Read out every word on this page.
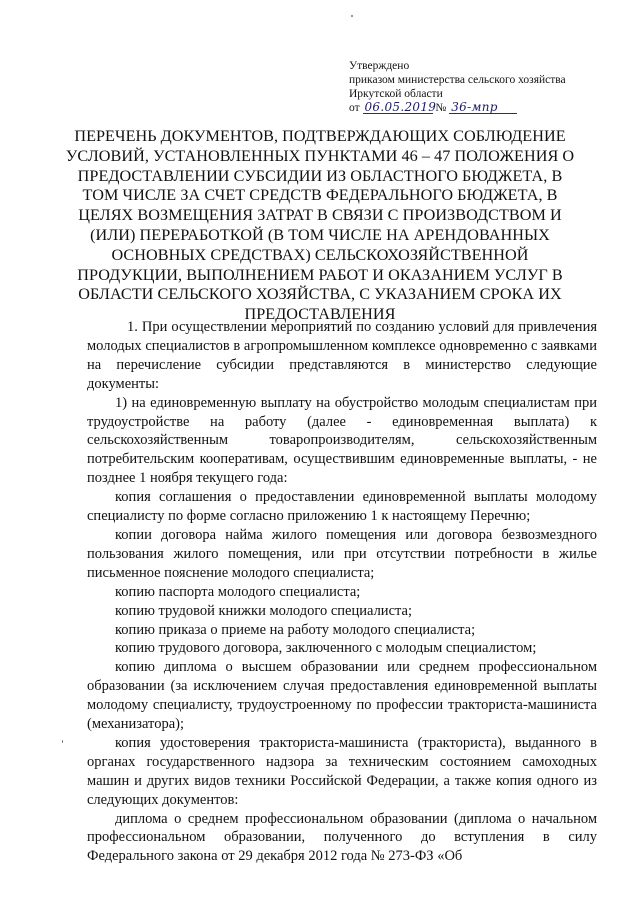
Утверждено
приказом министерства сельского хозяйства
Иркутской области
от 06.05.2019 № 36-мпр
ПЕРЕЧЕНЬ ДОКУМЕНТОВ, ПОДТВЕРЖДАЮЩИХ СОБЛЮДЕНИЕ УСЛОВИЙ, УСТАНОВЛЕННЫХ ПУНКТАМИ 46 – 47 ПОЛОЖЕНИЯ О ПРЕДОСТАВЛЕНИИ СУБСИДИИ ИЗ ОБЛАСТНОГО БЮДЖЕТА, В ТОМ ЧИСЛЕ ЗА СЧЕТ СРЕДСТВ ФЕДЕРАЛЬНОГО БЮДЖЕТА, В ЦЕЛЯХ ВОЗМЕЩЕНИЯ ЗАТРАТ В СВЯЗИ С ПРОИЗВОДСТВОМ И (ИЛИ) ПЕРЕРАБОТКОЙ (В ТОМ ЧИСЛЕ НА АРЕНДОВАННЫХ ОСНОВНЫХ СРЕДСТВАХ) СЕЛЬСКОХОЗЯЙСТВЕННОЙ ПРОДУКЦИИ, ВЫПОЛНЕНИЕМ РАБОТ И ОКАЗАНИЕМ УСЛУГ В ОБЛАСТИ СЕЛЬСКОГО ХОЗЯЙСТВА, С УКАЗАНИЕМ СРОКА ИХ ПРЕДОСТАВЛЕНИЯ

1. При осуществлении мероприятий по созданию условий для привлечения молодых специалистов в агропромышленном комплексе одновременно с заявками на перечисление субсидии представляются в министерство следующие документы:

1) на единовременную выплату на обустройство молодым специалистам при трудоустройстве на работу (далее - единовременная выплата) к сельскохозяйственным товаропроизводителям, сельскохозяйственным потребительским кооперативам, осуществившим единовременные выплаты, - не позднее 1 ноября текущего года:

копия соглашения о предоставлении единовременной выплаты молодому специалисту по форме согласно приложению 1 к настоящему Перечню;

копии договора найма жилого помещения или договора безвозмездного пользования жилого помещения, или при отсутствии потребности в жилье письменное пояснение молодого специалиста;

копию паспорта молодого специалиста;

копию трудовой книжки молодого специалиста;

копию приказа о приеме на работу молодого специалиста;

копию трудового договора, заключенного с молодым специалистом;

копию диплома о высшем образовании или среднем профессиональном образовании (за исключением случая предоставления единовременной выплаты молодому специалисту, трудоустроенному по профессии тракториста-машиниста (механизатора);

копия удостоверения тракториста-машиниста (тракториста), выданного в органах государственного надзора за техническим состоянием самоходных машин и других видов техники Российской Федерации, а также копия одного из следующих документов:

диплома о среднем профессиональном образовании (диплома о начальном профессиональном образовании, полученного до вступления в силу Федерального закона от 29 декабря 2012 года № 273-ФЗ «Об
